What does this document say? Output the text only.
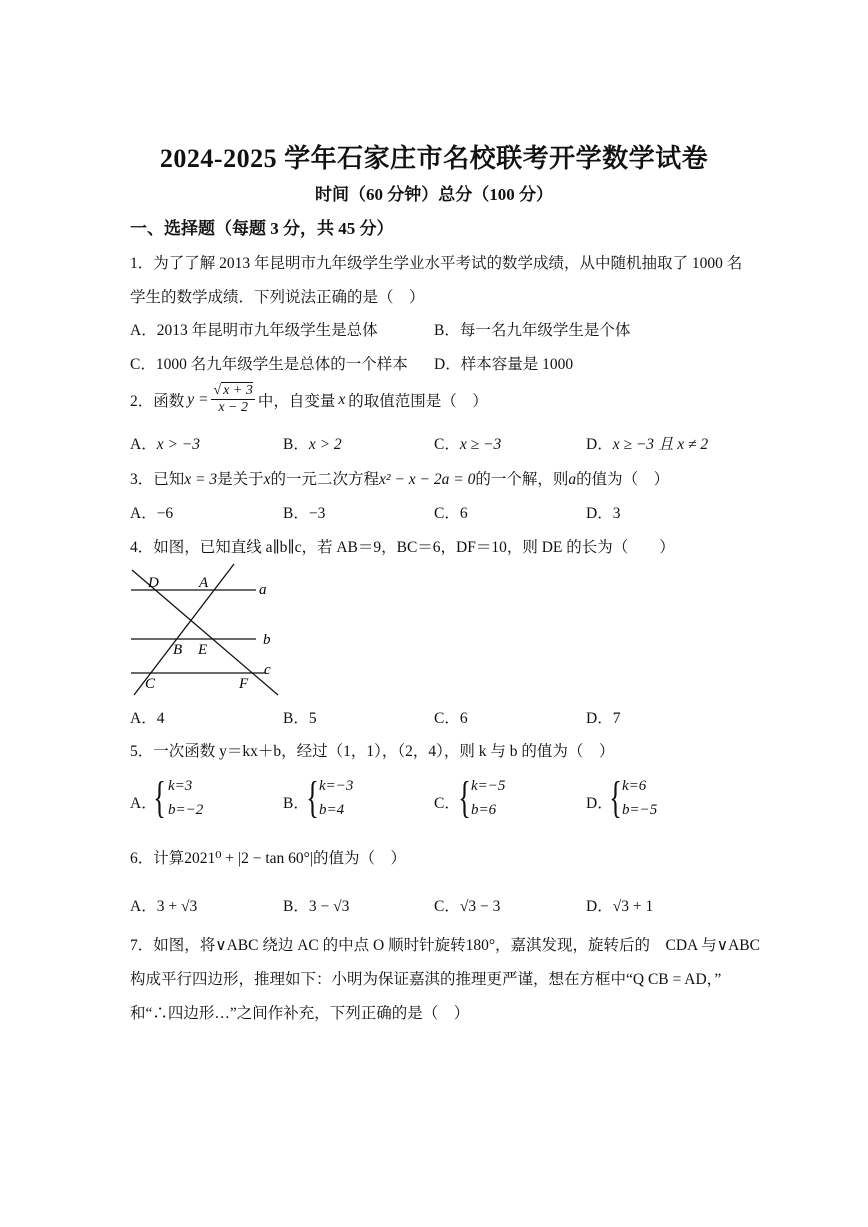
2024-2025 学年石家庄市名校联考开学数学试卷
时间（60 分钟）总分（100 分）
一、选择题（每题 3 分，共 45 分）
1．为了了解 2013 年昆明市九年级学生学业水平考试的数学成绩，从中随机抽取了 1000 名
学生的数学成绩．下列说法正确的是（　）
A．2013 年昆明市九年级学生是总体	B．每一名九年级学生是个体
C．1000 名九年级学生是总体的一个样本 D．样本容量是 1000
2．函数 $y = \frac{√ x + 3}{x - 2}$ 中，自变量 x 的取值范围是（　）
A．x > −3	B．x > 2	C．x ≥ −3	D．x ≥ −3 且 x ≠ 2
3．已知x = 3是关于x的一元二次方程x² − x − 2a = 0的一个解，则a的值为（　）
A．−6	B．−3	C．6	D．3
4．如图，已知直线 a∥b∥c，若 AB＝9，BC＝6，DF＝10，则 DE 的长为（　　）
D	A	a
b
B E
c
C	F
A．4	B．5	C．6	D．7
5．一次函数 y＝kx＋b，经过（1，1），（2，4），则 k 与 b 的值为（　）
A．
{ k=3
b=−2	B．
{ k=−3
b=4	C．
{ k=−5
b=6	D．
{ k=6
b=−5
6．计算2021⁰ + |2 − tan 60°|的值为（　）
A．3 + √3	B．3 − √3	C．√3 − 3	D．√3 + 1
7．如图，将∨ABC 绕边 AC 的中点 O 顺时针旋转180°，嘉淇发现，旋转后的　CDA 与∨ABC
构成平行四边形，推理如下：小明为保证嘉淇的推理更严谨，想在方框中“Q CB = AD，”
和“∴四边形…”之间作补充，下列正确的是（　）
